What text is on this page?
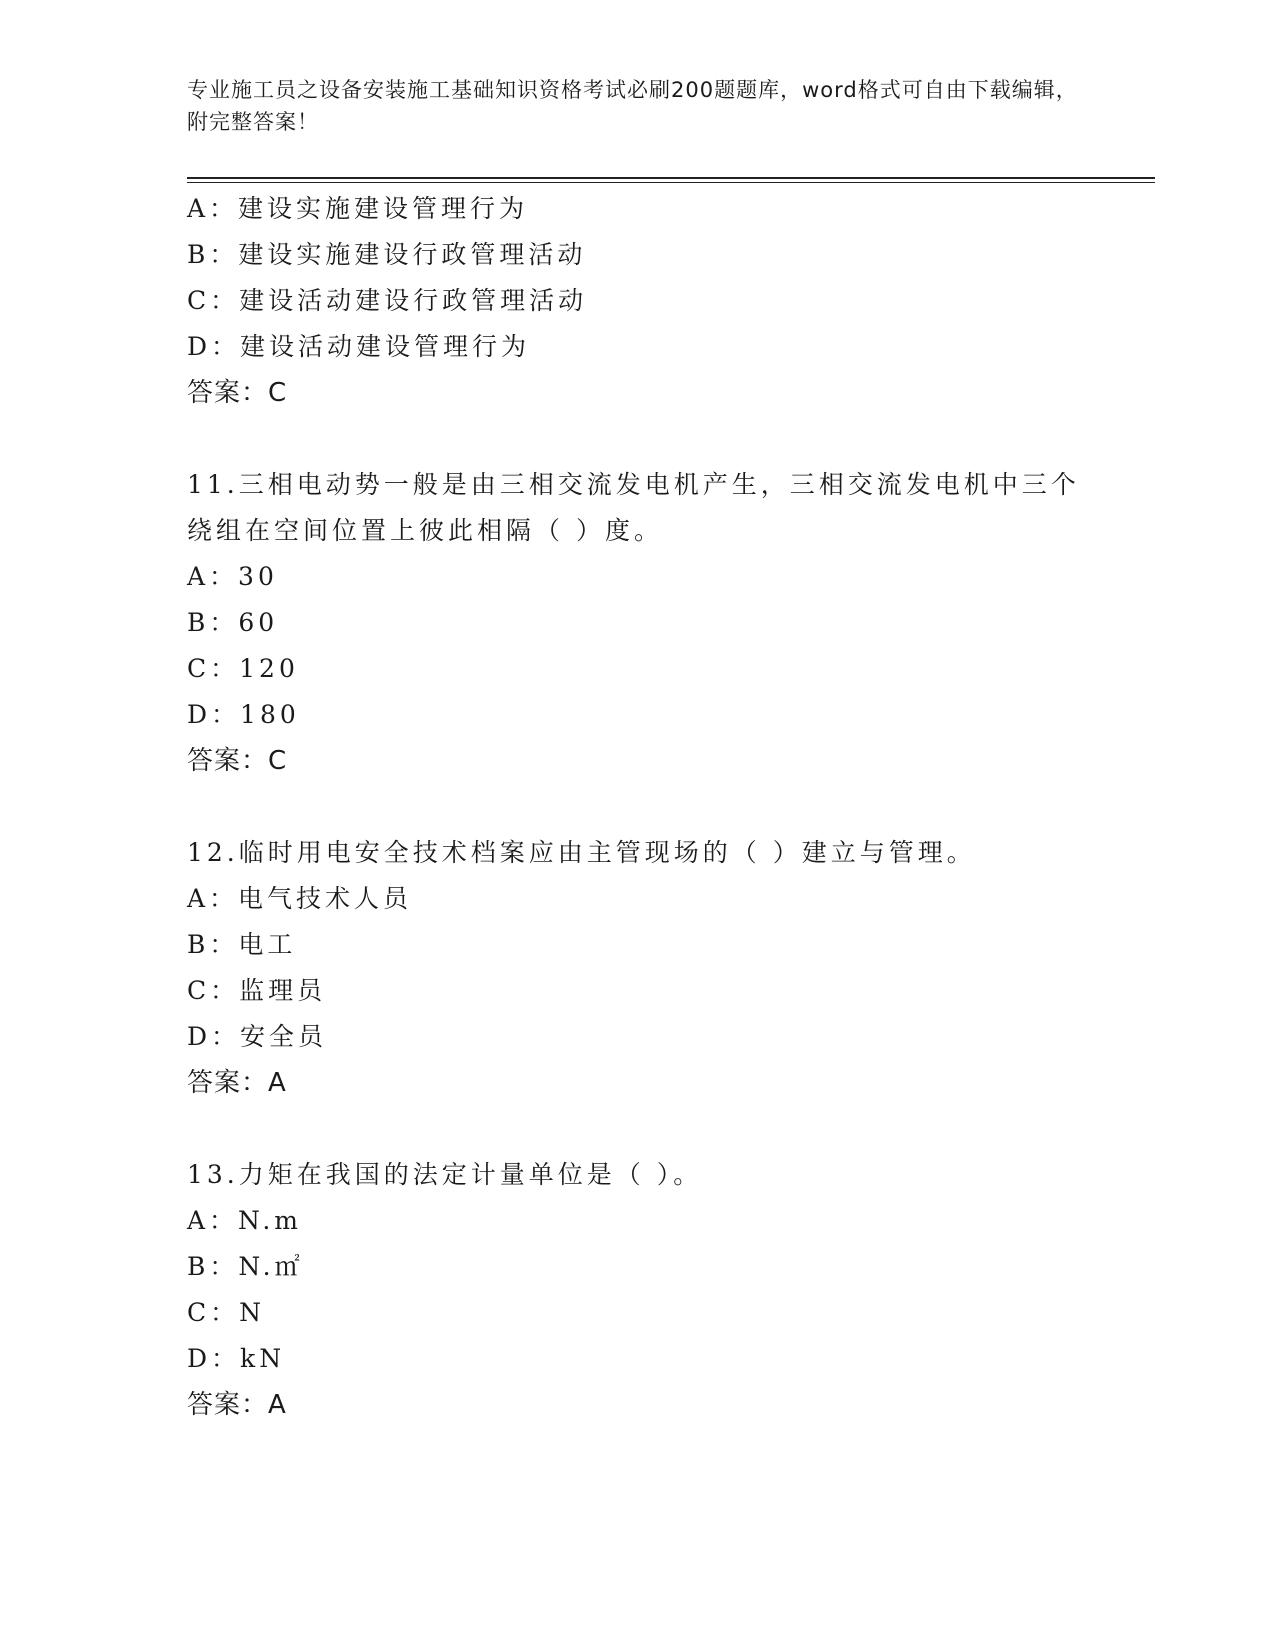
专业施工员之设备安装施工基础知识资格考试必刷200题题库，word格式可自由下载编辑，附完整答案！
A：建设实施建设管理行为
B：建设实施建设行政管理活动
C：建设活动建设行政管理活动
D：建设活动建设管理行为
答案：C
11.三相电动势一般是由三相交流发电机产生，三相交流发电机中三个
绕组在空间位置上彼此相隔（ ）度。
A：30
B：60
C：120
D：180
答案：C
12.临时用电安全技术档案应由主管现场的（ ）建立与管理。
A：电气技术人员
B：电工
C：监理员
D：安全员
答案：A
13.力矩在我国的法定计量单位是（ ）。
A：N.m
B：N.㎡
C：N
D：kN
答案：A
